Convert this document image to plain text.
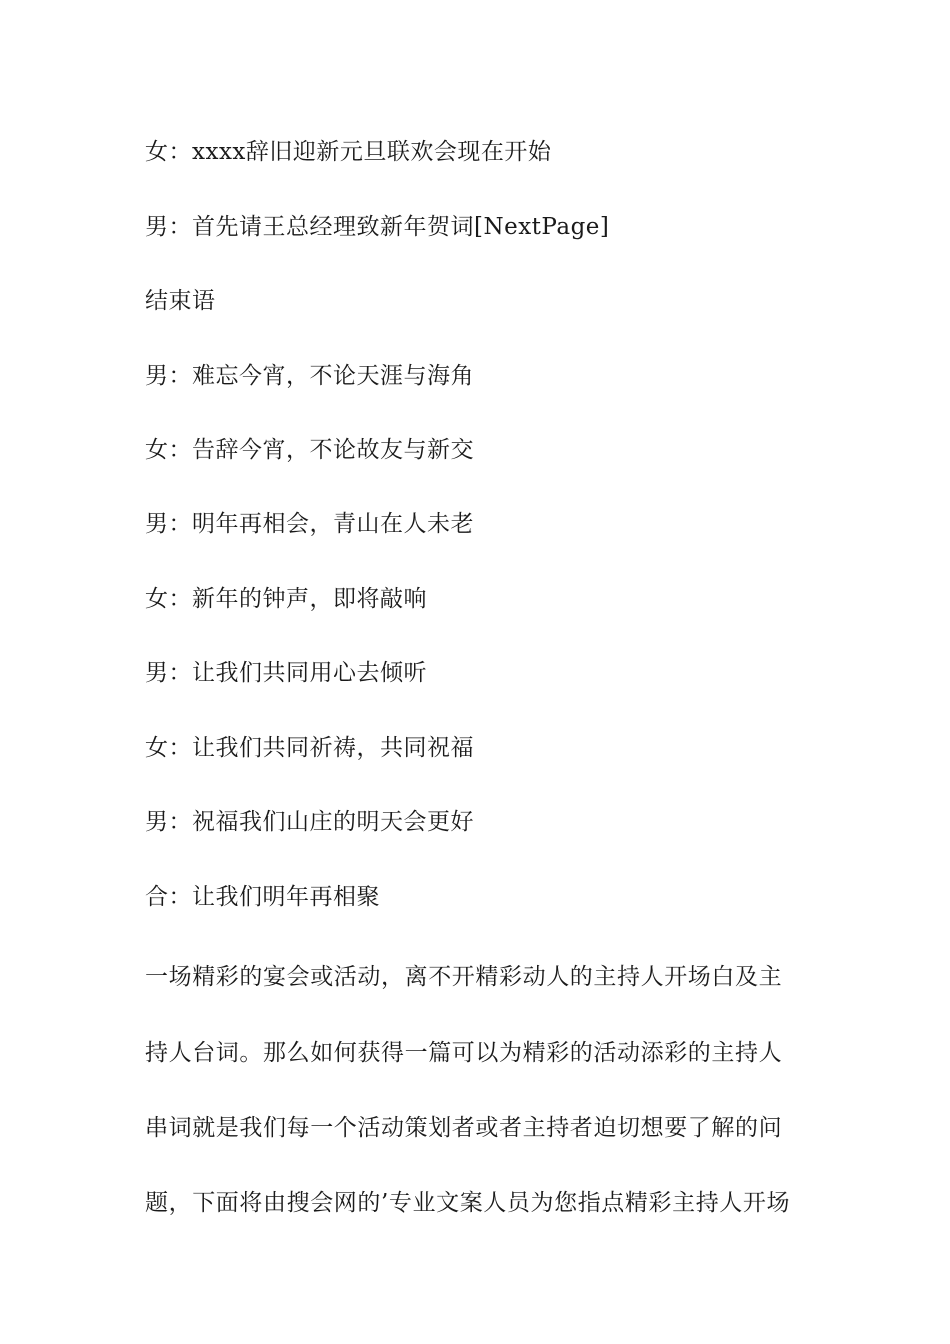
女：xxxx辞旧迎新元旦联欢会现在开始
男：首先请王总经理致新年贺词[NextPage]
结束语
男：难忘今宵，不论天涯与海角
女：告辞今宵，不论故友与新交
男：明年再相会，青山在人未老
女：新年的钟声，即将敲响
男：让我们共同用心去倾听
女：让我们共同祈祷，共同祝福
男：祝福我们山庄的明天会更好
合：让我们明年再相聚
一场精彩的宴会或活动，离不开精彩动人的主持人开场白及主
持人台词。那么如何获得一篇可以为精彩的活动添彩的主持人
串词就是我们每一个活动策划者或者主持者迫切想要了解的问
题，下面将由搜会网的’专业文案人员为您指点精彩主持人开场
